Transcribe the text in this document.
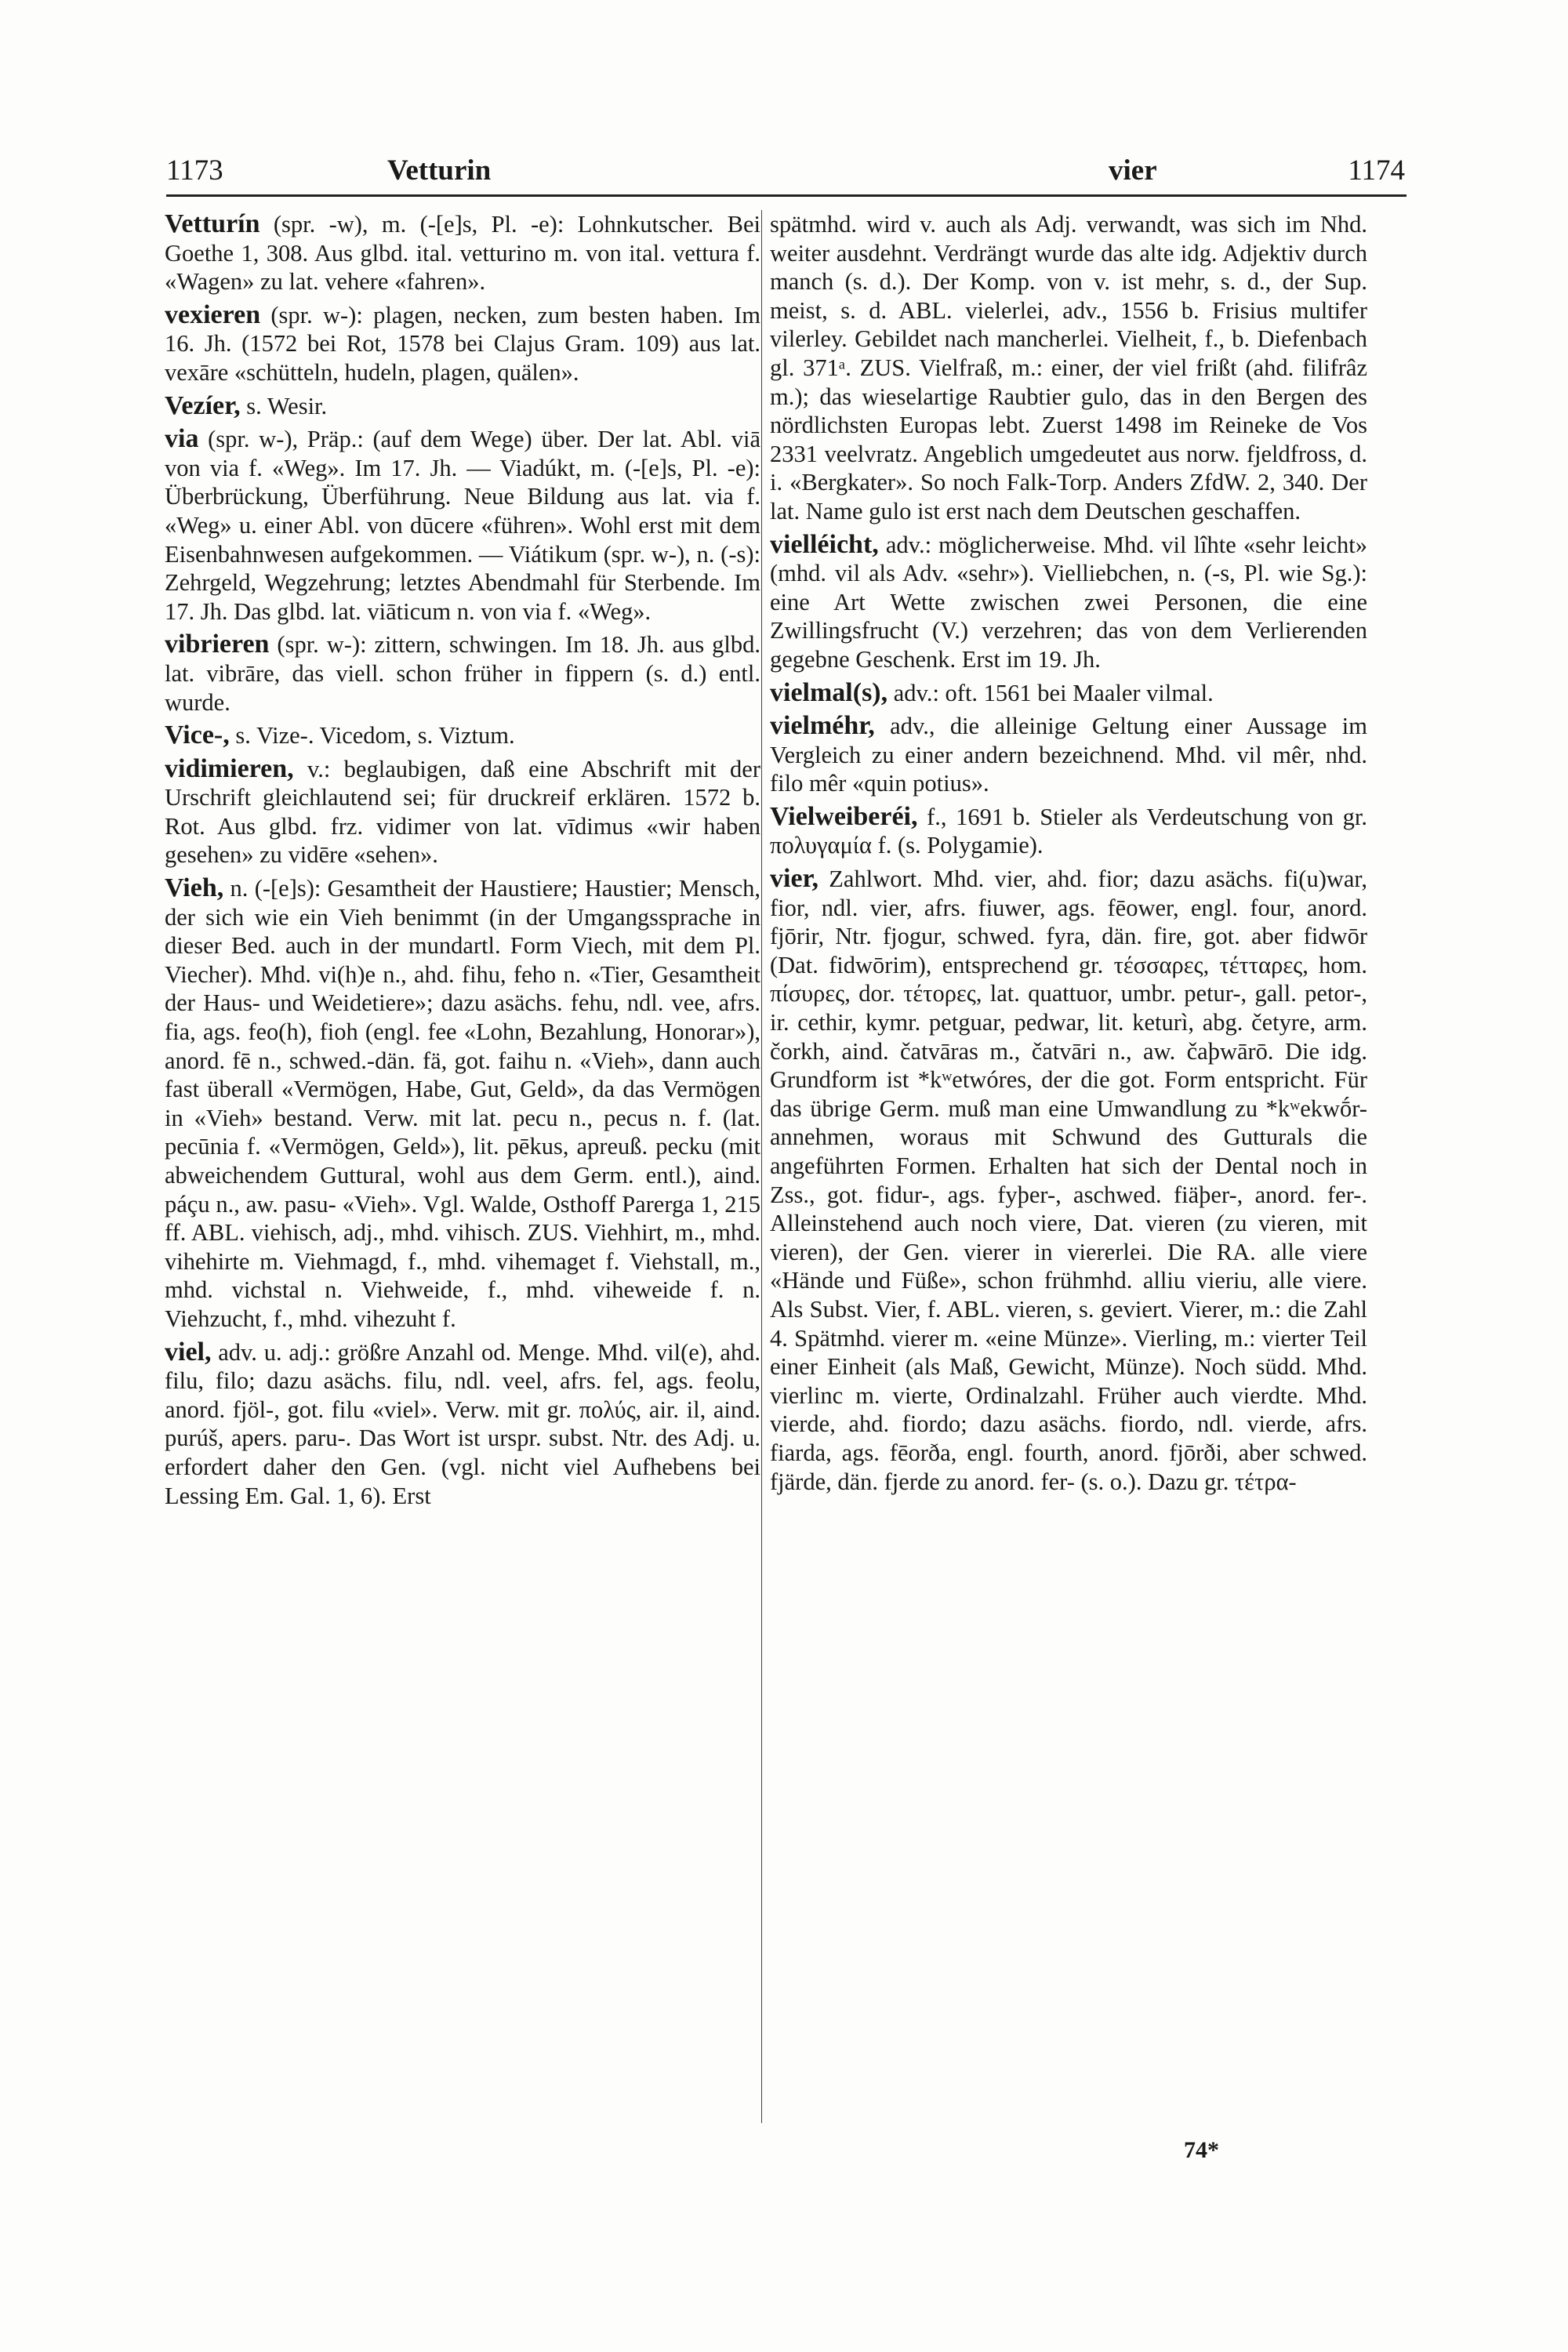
1173	Vetturin	vier	1174
Vetturín (spr. -w), m. (-[e]s, Pl. -e): Lohnkutscher. Bei Goethe 1, 308. Aus glbd. ital. vetturino m. von ital. vettura f. «Wagen» zu lat. vehere «fahren».
vexieren (spr. w-): plagen, necken, zum besten haben. Im 16. Jh. (1572 bei Rot, 1578 bei Clajus Gram. 109) aus lat. vexāre «schütteln, hudeln, plagen, quälen».
Vezíer, s. Wesir.
via (spr. w-), Präp.: (auf dem Wege) über. Der lat. Abl. viā von via f. «Weg». Im 17. Jh. — Viadúkt, m. (-[e]s, Pl. -e): Überbrückung, Überführung. Neue Bildung aus lat. via f. «Weg» u. einer Abl. von dūcere «führen». Wohl erst mit dem Eisenbahnwesen aufgekommen. — Viátikum (spr. w-), n. (-s): Zehrgeld, Wegzehrung; letztes Abendmahl für Sterbende. Im 17. Jh. Das glbd. lat. viāticum n. von via f. «Weg».
vibrieren (spr. w-): zittern, schwingen. Im 18. Jh. aus glbd. lat. vibrāre, das viell. schon früher in fippern (s. d.) entl. wurde.
Vice-, s. Vize-. Vicedom, s. Viztum.
vidimieren, v.: beglaubigen, daß eine Abschrift mit der Urschrift gleichlautend sei; für druckreif erklären. 1572 b. Rot. Aus glbd. frz. vidimer von lat. vīdimus «wir haben gesehen» zu vidēre «sehen».
Vieh, n. (-[e]s): Gesamtheit der Haustiere; Haustier; Mensch, der sich wie ein Vieh benimmt (in der Umgangssprache in dieser Bed. auch in der mundartl. Form Viech, mit dem Pl. Viecher). Mhd. vi(h)e n., ahd. fihu, feho n. «Tier, Gesamtheit der Haus- und Weidetiere»; dazu asächs. fehu, ndl. vee, afrs. fia, ags. feo(h), fioh (engl. fee «Lohn, Bezahlung, Honorar»), anord. fē n., schwed.-dän. fä, got. faihu n. «Vieh», dann auch fast überall «Vermögen, Habe, Gut, Geld», da das Vermögen in «Vieh» bestand. Verw. mit lat. pecu n., pecus n. f. (lat. pecūnia f. «Vermögen, Geld»), lit. pēkus, apreuß. pecku (mit abweichendem Guttural, wohl aus dem Germ. entl.), aind. páçu n., aw. pasu- «Vieh». Vgl. Walde, Osthoff Parerga 1, 215 ff. ABL. viehisch, adj., mhd. vihisch. ZUS. Viehhirt, m., mhd. vihehirte m. Viehmagd, f., mhd. vihemaget f. Viehstall, m., mhd. vichstal n. Viehweide, f., mhd. viheweide f. n. Viehzucht, f., mhd. vihezuht f.
viel, adv. u. adj.: größre Anzahl od. Menge. Mhd. vil(e), ahd. filu, filo; dazu asächs. filu, ndl. veel, afrs. fel, ags. feolu, anord. fjöl-, got. filu «viel». Verw. mit gr. πολύς, air. il, aind. purúš, apers. paru-. Das Wort ist urspr. subst. Ntr. des Adj. u. erfordert daher den Gen. (vgl. nicht viel Aufhebens bei Lessing Em. Gal. 1, 6). Erst
spätmhd. wird v. auch als Adj. verwandt, was sich im Nhd. weiter ausdehnt. Verdrängt wurde das alte idg. Adjektiv durch manch (s. d.). Der Komp. von v. ist mehr, s. d., der Sup. meist, s. d. ABL. vielerlei, adv., 1556 b. Frisius multifer vilerley. Gebildet nach mancherlei. Vielheit, f., b. Diefenbach gl. 371ᵃ. ZUS. Vielfraß, m.: einer, der viel frißt (ahd. filifrâz m.); das wieselartige Raubtier gulo, das in den Bergen des nördlichsten Europas lebt. Zuerst 1498 im Reineke de Vos 2331 veelvratz. Angeblich umgedeutet aus norw. fjeldfross, d. i. «Bergkater». So noch Falk-Torp. Anders ZfdW. 2, 340. Der lat. Name gulo ist erst nach dem Deutschen geschaffen.
vielléicht, adv.: möglicherweise. Mhd. vil lîhte «sehr leicht» (mhd. vil als Adv. «sehr»). Vielliebchen, n. (-s, Pl. wie Sg.): eine Art Wette zwischen zwei Personen, die eine Zwillingsfrucht (V.) verzehren; das von dem Verlierenden gegebne Geschenk. Erst im 19. Jh.
vielmal(s), adv.: oft. 1561 bei Maaler vilmal.
vielméhr, adv., die alleinige Geltung einer Aussage im Vergleich zu einer andern bezeichnend. Mhd. vil mêr, nhd. filo mêr «quin potius».
Vielweiberéi, f., 1691 b. Stieler als Verdeutschung von gr. πολυγαμία f. (s. Polygamie).
vier, Zahlwort. Mhd. vier, ahd. fior; dazu asächs. fi(u)war, fior, ndl. vier, afrs. fiuwer, ags. fēower, engl. four, anord. fjōrir, Ntr. fjogur, schwed. fyra, dän. fire, got. aber fidwōr (Dat. fidwōrim), entsprechend gr. τέσσαρες, τέτταρες, hom. πίσυρες, dor. τέτορες, lat. quattuor, umbr. petur-, gall. petor-, ir. cethir, kymr. petguar, pedwar, lit. keturì, abg. četyre, arm. čorkh, aind. čatvāras m., čatvāri n., aw. čaþwārō. Die idg. Grundform ist *kʷetwóres, der die got. Form entspricht. Für das übrige Germ. muß man eine Umwandlung zu *kʷekwṓr- annehmen, woraus mit Schwund des Gutturals die angeführten Formen. Erhalten hat sich der Dental noch in Zss., got. fidur-, ags. fyþer-, aschwed. fiäþer-, anord. fer-. Alleinstehend auch noch viere, Dat. vieren (zu vieren, mit vieren), der Gen. vierer in viererlei. Die RA. alle viere «Hände und Füße», schon frühmhd. alliu vieriu, alle viere. Als Subst. Vier, f. ABL. vieren, s. geviert. Vierer, m.: die Zahl 4. Spätmhd. vierer m. «eine Münze». Vierling, m.: vierter Teil einer Einheit (als Maß, Gewicht, Münze). Noch südd. Mhd. vierlinc m. vierte, Ordinalzahl. Früher auch vierdte. Mhd. vierde, ahd. fiordo; dazu asächs. fiordo, ndl. vierde, afrs. fiarda, ags. fēorða, engl. fourth, anord. fjōrði, aber schwed. fjärde, dän. fjerde zu anord. fer- (s. o.). Dazu gr. τέτρα-
74*
